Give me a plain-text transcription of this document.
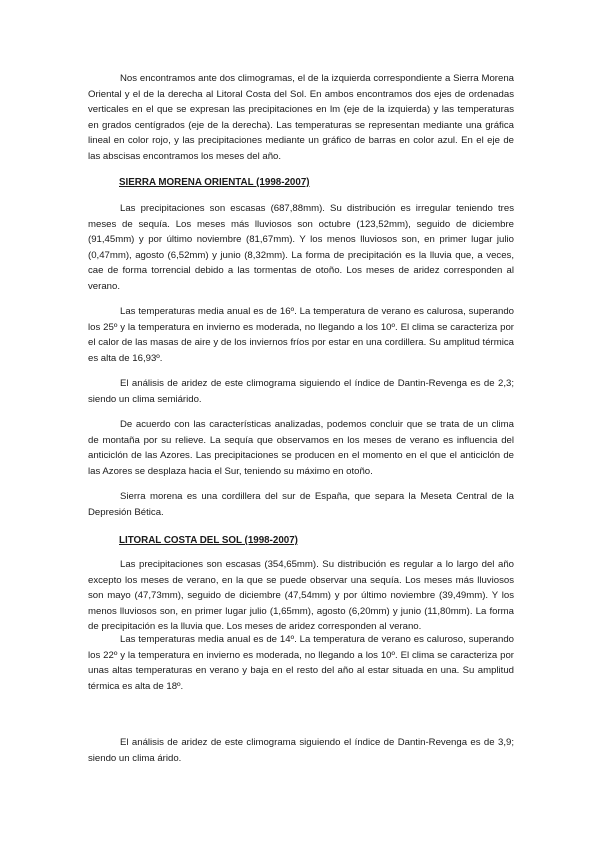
Nos encontramos ante dos climogramas, el de la izquierda correspondiente a Sierra Morena Oriental y el de la derecha al Litoral Costa del Sol. En ambos encontramos dos ejes de ordenadas verticales en el que se expresan las precipitaciones en lm (eje de la izquierda) y las temperaturas en grados centígrados (eje de la derecha). Las temperaturas se representan mediante una gráfica lineal en color rojo, y las precipitaciones mediante un gráfico de barras en color azul. En el eje de las abscisas encontramos los meses del año.

SIERRA MORENA ORIENTAL (1998-2007)

Las precipitaciones son escasas (687,88mm). Su distribución es irregular teniendo tres meses de sequía. Los meses más lluviosos son octubre (123,52mm), seguido de diciembre (91,45mm) y por último noviembre (81,67mm). Y los menos lluviosos son, en primer lugar julio (0,47mm), agosto (6,52mm) y junio (8,32mm). La forma de precipitación es la lluvia que, a veces, cae de forma torrencial debido a las tormentas de otoño. Los meses de aridez corresponden al verano.

Las temperaturas media anual es de 16º. La temperatura de verano es calurosa, superando los 25º y la temperatura en invierno es moderada, no llegando a los 10º. El clima se caracteriza por el calor de las masas de aire y de los inviernos fríos por estar en una cordillera. Su amplitud térmica es alta de 16,93º.

El análisis de aridez de este climograma siguiendo el índice de Dantin-Revenga es de 2,3; siendo un clima semiárido.

De acuerdo con las características analizadas, podemos concluir que se trata de un clima de montaña por su relieve. La sequía que observamos en los meses de verano es influencia del anticiclón de las Azores. Las precipitaciones se producen en el momento en el que el anticiclón de las Azores se desplaza hacia el Sur, teniendo su máximo en otoño.

Sierra morena es una cordillera del sur de España, que separa la Meseta Central de la Depresión Bética.

LITORAL COSTA DEL SOL (1998-2007)

Las precipitaciones son escasas (354,65mm). Su distribución es regular a lo largo del año excepto los meses de verano, en la que se puede observar una sequía. Los meses más lluviosos son mayo (47,73mm), seguido de diciembre (47,54mm) y por último noviembre (39,49mm). Y los menos lluviosos son, en primer lugar julio (1,65mm), agosto (6,20mm) y junio (11,80mm). La forma de precipitación es la lluvia que. Los meses de aridez corresponden al verano.

Las temperaturas media anual es de 14º. La temperatura de verano es caluroso, superando los 22º y la temperatura en invierno es moderada, no llegando a los 10º. El clima se caracteriza por unas altas temperaturas en verano y baja en el resto del año al estar situada en una. Su amplitud térmica es alta de 18º.

El análisis de aridez de este climograma siguiendo el índice de Dantin-Revenga es de 3,9; siendo un clima árido.
